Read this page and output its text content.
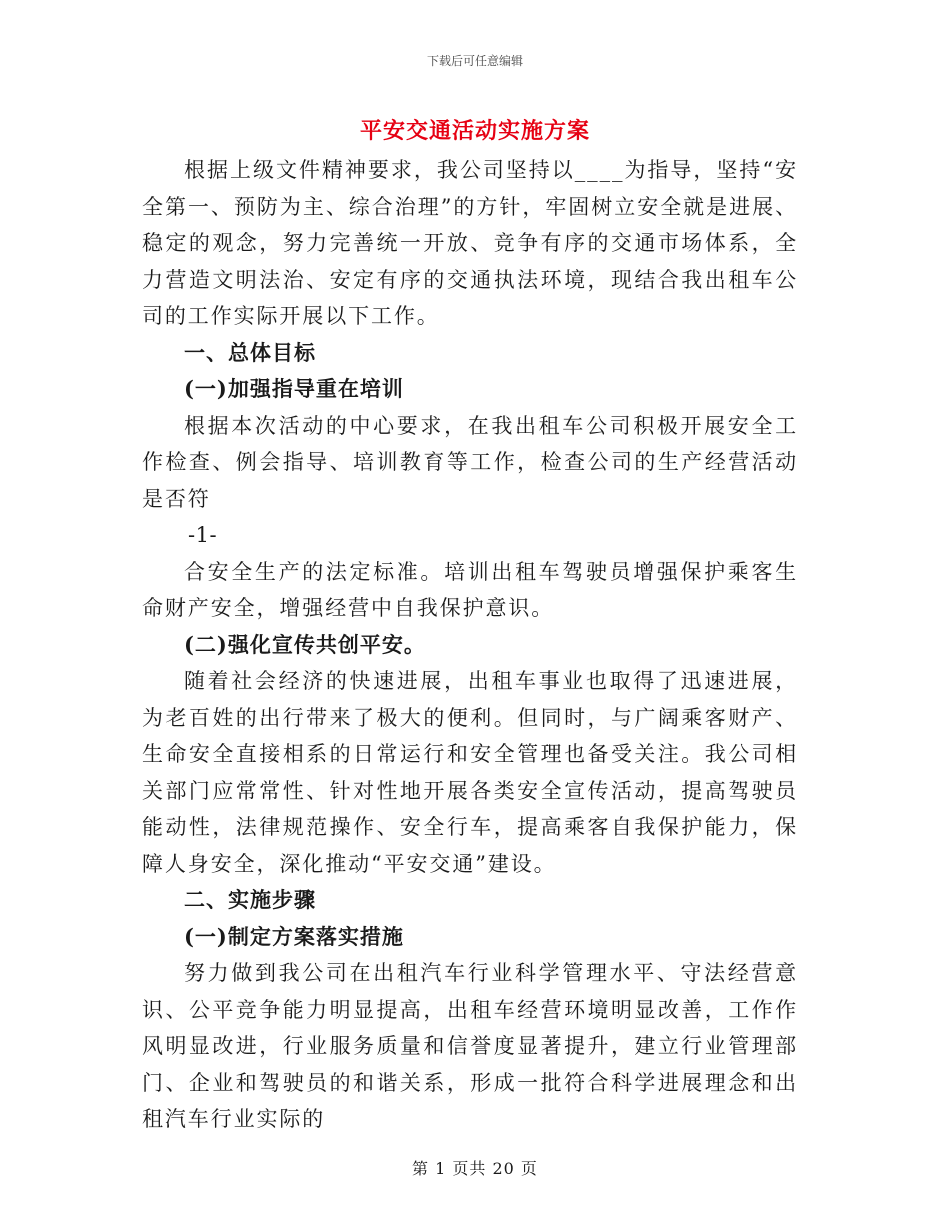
下载后可任意编辑
平安交通活动实施方案

根据上级文件精神要求，我公司坚持以____为指导，坚持“安全第一、预防为主、综合治理”的方针，牢固树立安全就是进展、稳定的观念，努力完善统一开放、竞争有序的交通市场体系，全力营造文明法治、安定有序的交通执法环境，现结合我出租车公司的工作实际开展以下工作。

一、总体目标

(一)加强指导重在培训

根据本次活动的中心要求，在我出租车公司积极开展安全工作检查、例会指导、培训教育等工作，检查公司的生产经营活动是否符

-1-

合安全生产的法定标准。培训出租车驾驶员增强保护乘客生命财产安全，增强经营中自我保护意识。

(二)强化宣传共创平安。

随着社会经济的快速进展，出租车事业也取得了迅速进展，为老百姓的出行带来了极大的便利。但同时，与广阔乘客财产、生命安全直接相系的日常运行和安全管理也备受关注。我公司相关部门应常常性、针对性地开展各类安全宣传活动，提高驾驶员能动性，法律规范操作、安全行车，提高乘客自我保护能力，保障人身安全，深化推动“平安交通”建设。

二、实施步骤

(一)制定方案落实措施

努力做到我公司在出租汽车行业科学管理水平、守法经营意识、公平竞争能力明显提高，出租车经营环境明显改善，工作作风明显改进，行业服务质量和信誉度显著提升，建立行业管理部门、企业和驾驶员的和谐关系，形成一批符合科学进展理念和出租汽车行业实际的

第 1 页共 20 页
